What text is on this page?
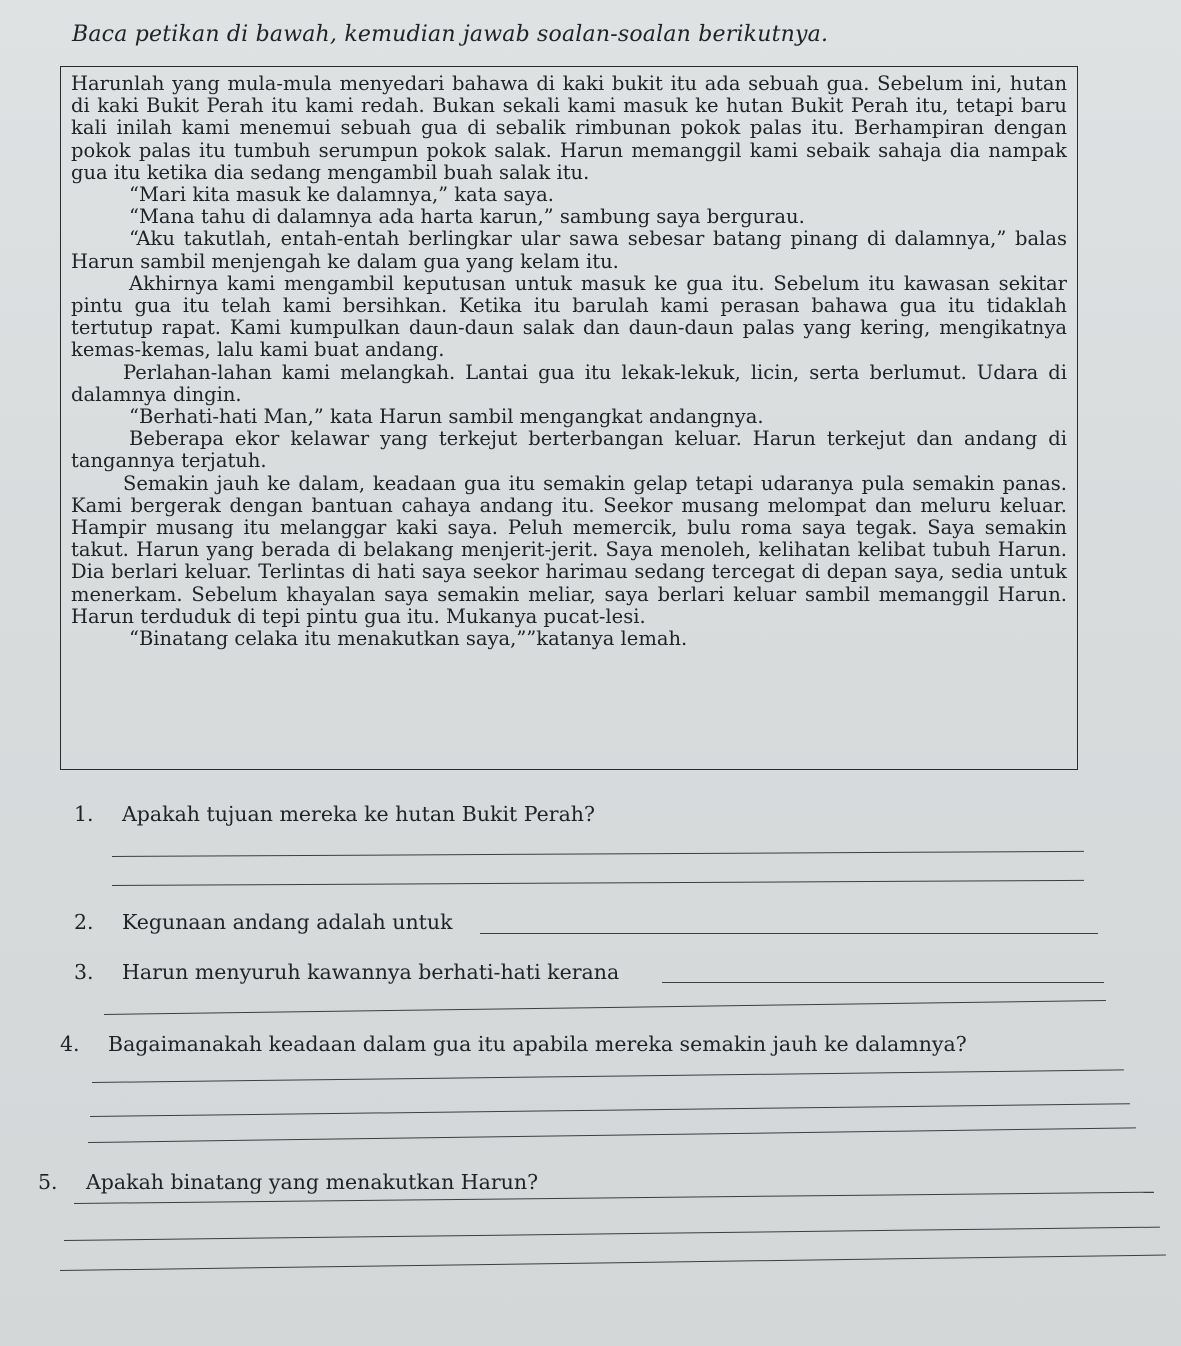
Baca petikan di bawah, kemudian jawab soalan-soalan berikutnya.

Harunlah yang mula-mula menyedari bahawa di kaki bukit itu ada sebuah gua. Sebelum ini, hutan di kaki Bukit Perah itu kami redah. Bukan sekali kami masuk ke hutan Bukit Perah itu, tetapi baru kali inilah kami menemui sebuah gua di sebalik rimbunan pokok palas itu. Berhampiran dengan pokok palas itu tumbuh serumpun pokok salak. Harun memanggil kami sebaik sahaja dia nampak gua itu ketika dia sedang mengambil buah salak itu.

“Mari kita masuk ke dalamnya,” kata saya.

“Mana tahu di dalamnya ada harta karun,” sambung saya bergurau.

“Aku takutlah, entah-entah berlingkar ular sawa sebesar batang pinang di dalamnya,” balas Harun sambil menjengah ke dalam gua yang kelam itu.

Akhirnya kami mengambil keputusan untuk masuk ke gua itu. Sebelum itu kawasan sekitar pintu gua itu telah kami bersihkan. Ketika itu barulah kami perasan bahawa gua itu tidaklah tertutup rapat. Kami kumpulkan daun-daun salak dan daun-daun palas yang kering, mengikatnya kemas-kemas, lalu kami buat andang.

Perlahan-lahan kami melangkah. Lantai gua itu lekak-lekuk, licin, serta berlumut. Udara di dalamnya dingin.

“Berhati-hati Man,” kata Harun sambil mengangkat andangnya.

Beberapa ekor kelawar yang terkejut berterbangan keluar. Harun terkejut dan andang di tangannya terjatuh.

Semakin jauh ke dalam, keadaan gua itu semakin gelap tetapi udaranya pula semakin panas. Kami bergerak dengan bantuan cahaya andang itu. Seekor musang melompat dan meluru keluar. Hampir musang itu melanggar kaki saya. Peluh memercik, bulu roma saya tegak. Saya semakin takut. Harun yang berada di belakang menjerit-jerit. Saya menoleh, kelihatan kelibat tubuh Harun. Dia berlari keluar. Terlintas di hati saya seekor harimau sedang tercegat di depan saya, sedia untuk menerkam. Sebelum khayalan saya semakin meliar, saya berlari keluar sambil memanggil Harun. Harun terduduk di tepi pintu gua itu. Mukanya pucat-lesi.

“Binatang celaka itu menakutkan saya,””katanya lemah.

1. Apakah tujuan mereka ke hutan Bukit Perah?
2. Kegunaan andang adalah untuk
3. Harun menyuruh kawannya berhati-hati kerana
4. Bagaimanakah keadaan dalam gua itu apabila mereka semakin jauh ke dalamnya?
5. Apakah binatang yang menakutkan Harun?
